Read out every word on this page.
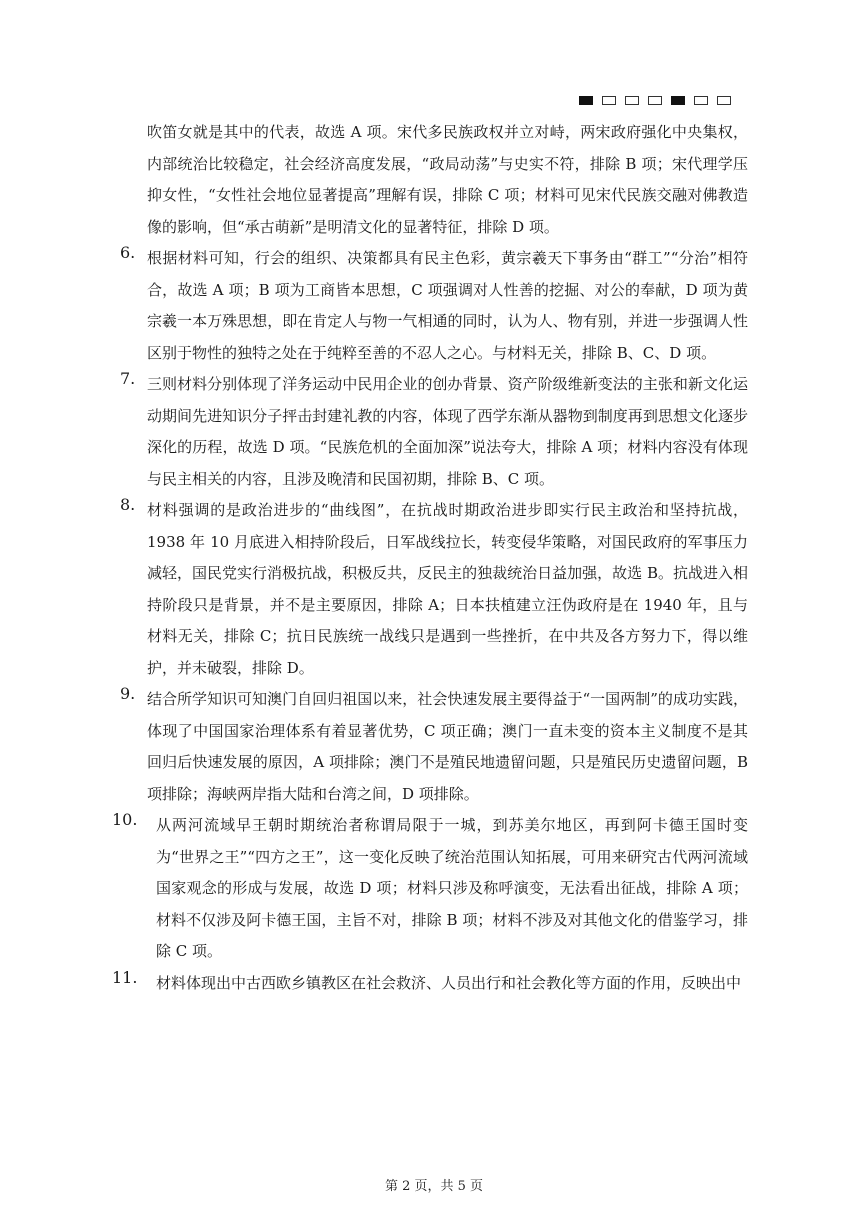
吹笛女就是其中的代表，故选 A 项。宋代多民族政权并立对峙，两宋政府强化中央集权，内部统治比较稳定，社会经济高度发展，“政局动荡”与史实不符，排除 B 项；宋代理学压抑女性，“女性社会地位显著提高”理解有误，排除 C 项；材料可见宋代民族交融对佛教造像的影响，但“承古萌新”是明清文化的显著特征，排除 D 项。

6. 根据材料可知，行会的组织、决策都具有民主色彩，黄宗羲天下事务由“群工”“分治”相符合，故选 A 项；B 项为工商皆本思想，C 项强调对人性善的挖掘、对公的奉献，D 项为黄宗羲一本万殊思想，即在肯定人与物一气相通的同时，认为人、物有别，并进一步强调人性区别于物性的独特之处在于纯粹至善的不忍人之心。与材料无关，排除 B、C、D 项。

7. 三则材料分别体现了洋务运动中民用企业的创办背景、资产阶级维新变法的主张和新文化运动期间先进知识分子抨击封建礼教的内容，体现了西学东渐从器物到制度再到思想文化逐步深化的历程，故选 D 项。“民族危机的全面加深”说法夸大，排除 A 项；材料内容没有体现与民主相关的内容，且涉及晚清和民国初期，排除 B、C 项。

8. 材料强调的是政治进步的“曲线图”，在抗战时期政治进步即实行民主政治和坚持抗战，1938 年 10 月底进入相持阶段后，日军战线拉长，转变侵华策略，对国民政府的军事压力减轻，国民党实行消极抗战，积极反共，反民主的独裁统治日益加强，故选 B。抗战进入相持阶段只是背景，并不是主要原因，排除 A；日本扶植建立汪伪政府是在 1940 年，且与材料无关，排除 C；抗日民族统一战线只是遇到一些挫折，在中共及各方努力下，得以维护，并未破裂，排除 D。

9. 结合所学知识可知澳门自回归祖国以来，社会快速发展主要得益于“一国两制”的成功实践，体现了中国国家治理体系有着显著优势，C 项正确；澳门一直未变的资本主义制度不是其回归后快速发展的原因，A 项排除；澳门不是殖民地遗留问题，只是殖民历史遗留问题，B 项排除；海峡两岸指大陆和台湾之间，D 项排除。

10.	从两河流域早王朝时期统治者称谓局限于一城，到苏美尔地区，再到阿卡德王国时变为“世界之王”“四方之王”，这一变化反映了统治范围认知拓展，可用来研究古代两河流域国家观念的形成与发展，故选 D 项；材料只涉及称呼演变，无法看出征战，排除 A 项；材料不仅涉及阿卡德王国，主旨不对，排除 B 项；材料不涉及对其他文化的借鉴学习，排除 C 项。

11.	材料体现出中古西欧乡镇教区在社会救济、人员出行和社会教化等方面的作用，反映出中

第 2 页，共 5 页
